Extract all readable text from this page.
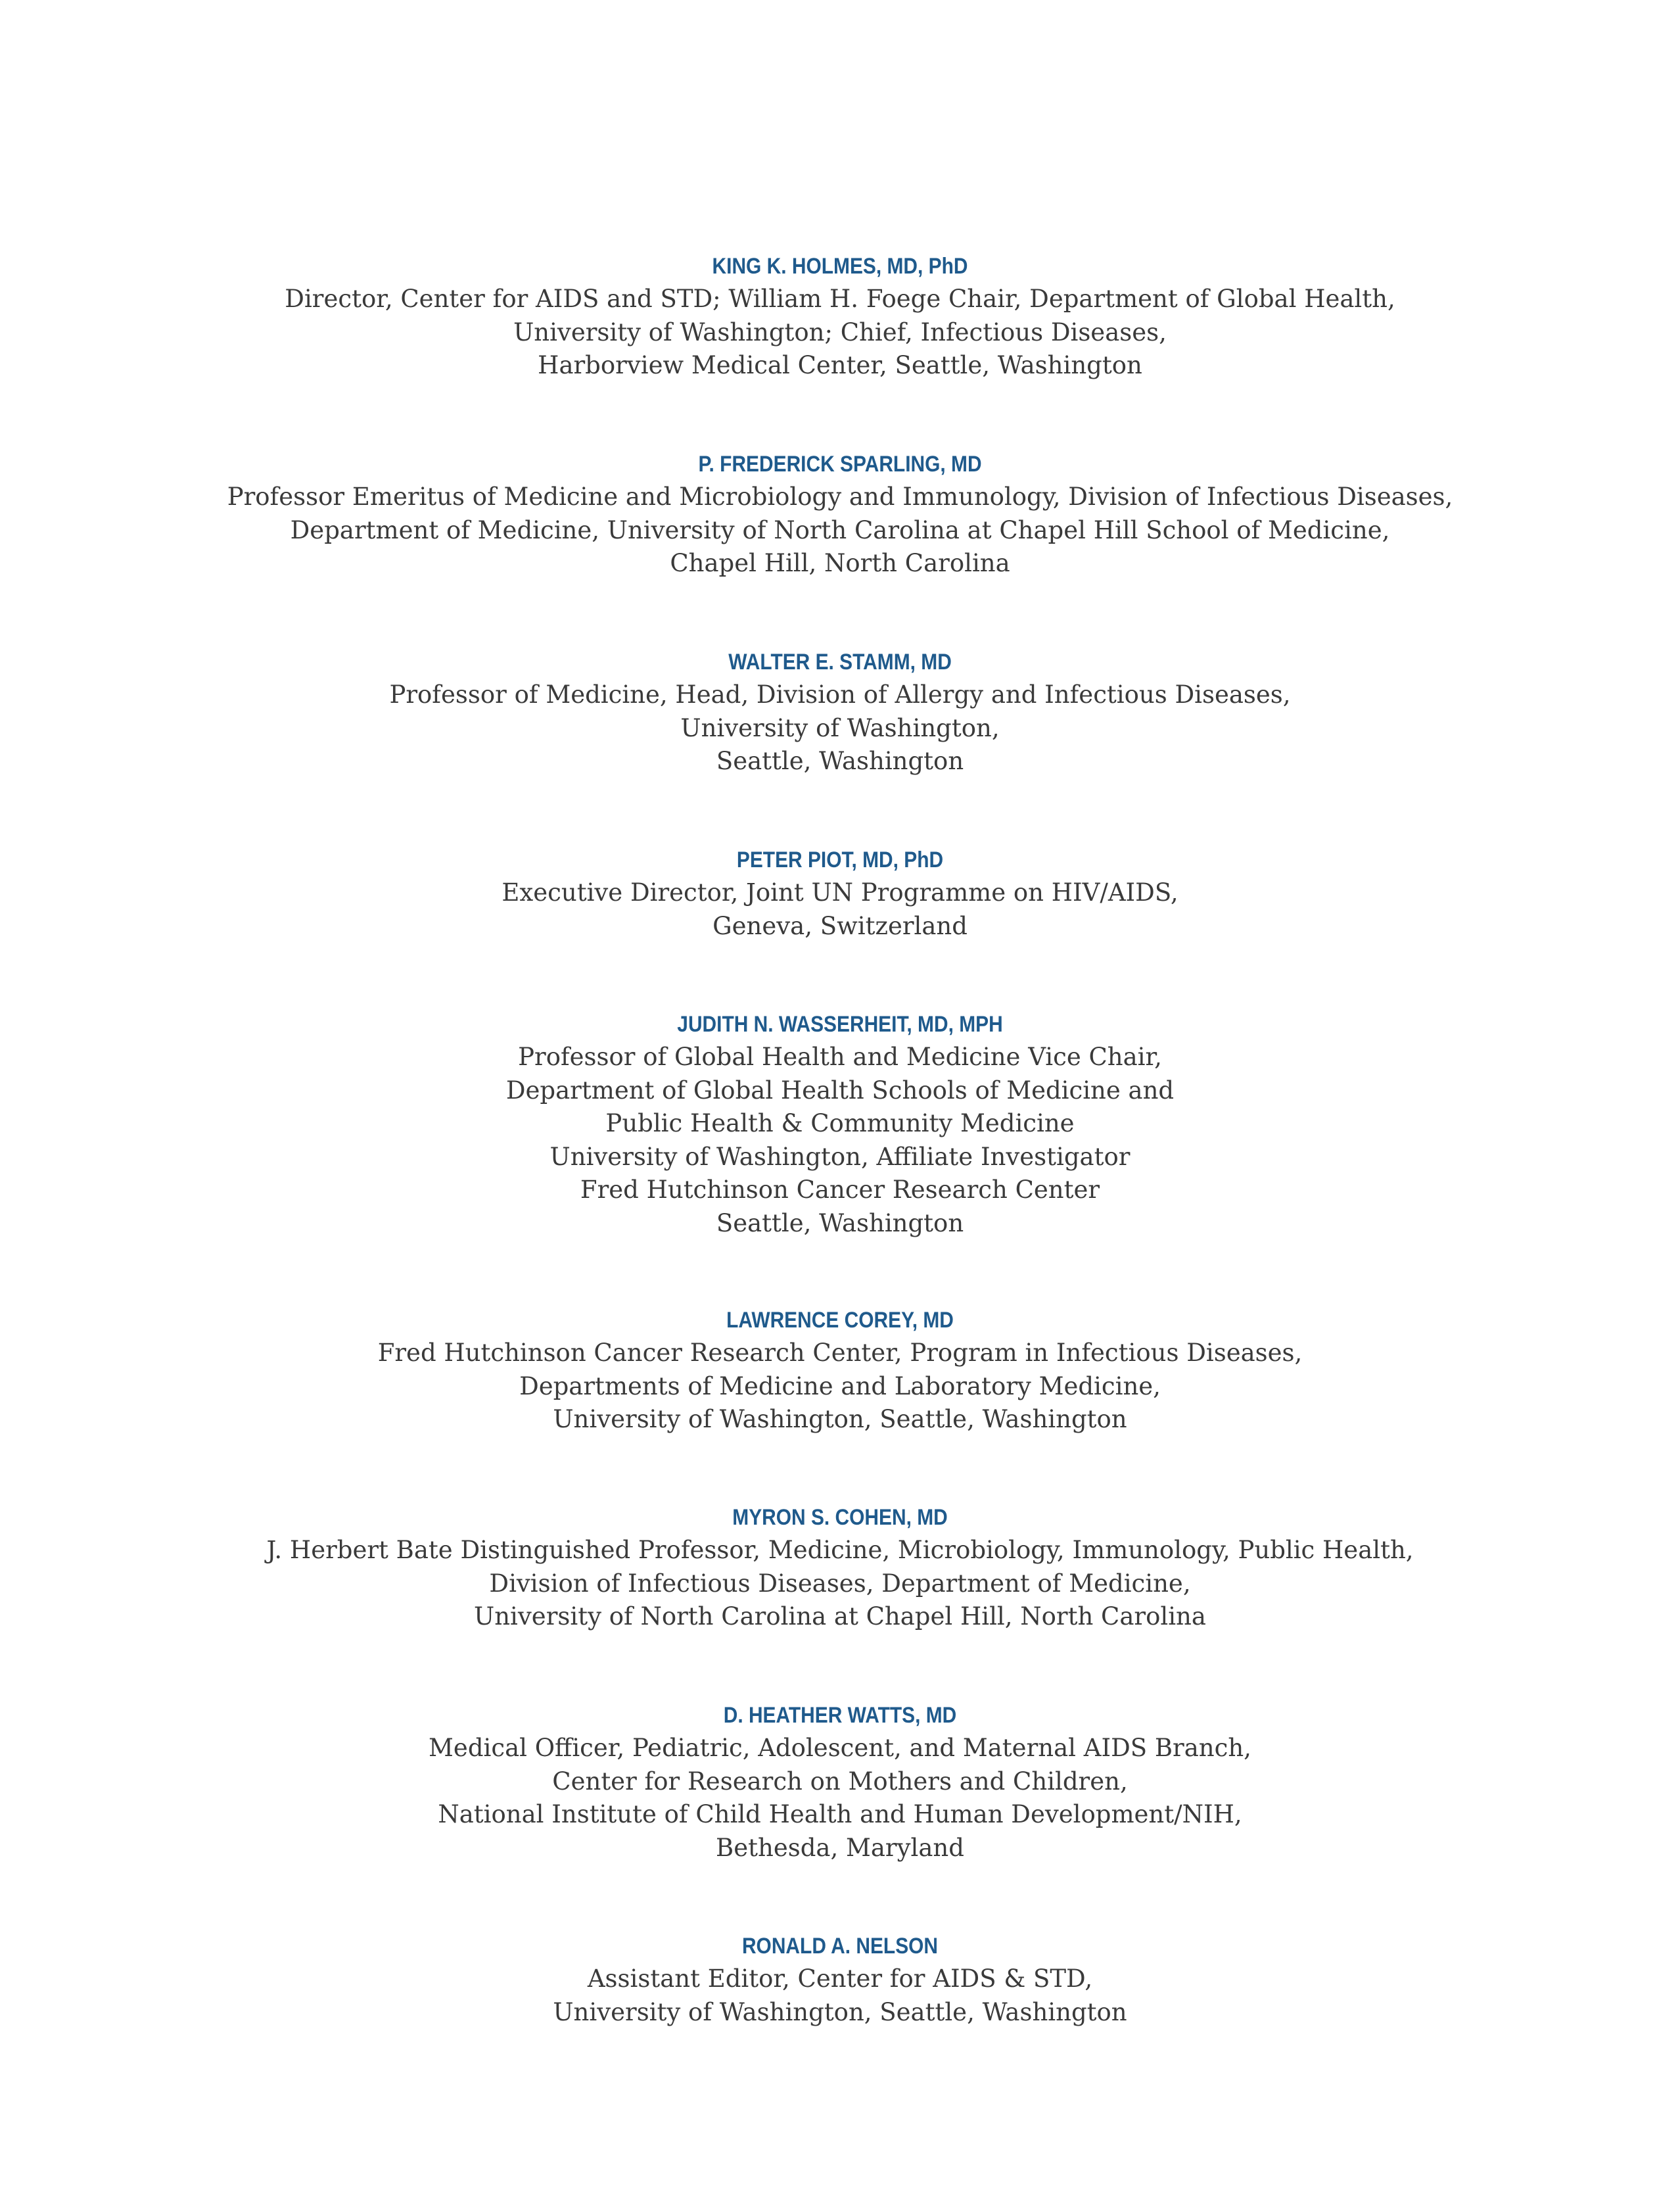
KING K. HOLMES, MD, PhD

Director, Center for AIDS and STD; William H. Foege Chair, Department of Global Health,

University of Washington; Chief, Infectious Diseases,

Harborview Medical Center, Seattle, Washington

P. FREDERICK SPARLING, MD

Professor Emeritus of Medicine and Microbiology and Immunology, Division of Infectious Diseases,

Department of Medicine, University of North Carolina at Chapel Hill School of Medicine,

Chapel Hill, North Carolina

WALTER E. STAMM, MD

Professor of Medicine, Head, Division of Allergy and Infectious Diseases,

University of Washington,

Seattle, Washington

PETER PIOT, MD, PhD

Executive Director, Joint UN Programme on HIV/AIDS,

Geneva, Switzerland

JUDITH N. WASSERHEIT, MD, MPH

Professor of Global Health and Medicine Vice Chair,

Department of Global Health Schools of Medicine and

Public Health & Community Medicine

University of Washington, Affiliate Investigator

Fred Hutchinson Cancer Research Center

Seattle, Washington

LAWRENCE COREY, MD

Fred Hutchinson Cancer Research Center, Program in Infectious Diseases,

Departments of Medicine and Laboratory Medicine,

University of Washington, Seattle, Washington

MYRON S. COHEN, MD

J. Herbert Bate Distinguished Professor, Medicine, Microbiology, Immunology, Public Health,

Division of Infectious Diseases, Department of Medicine,

University of North Carolina at Chapel Hill, North Carolina

D. HEATHER WATTS, MD

Medical Officer, Pediatric, Adolescent, and Maternal AIDS Branch,

Center for Research on Mothers and Children,

National Institute of Child Health and Human Development/NIH,

Bethesda, Maryland

RONALD A. NELSON

Assistant Editor, Center for AIDS & STD,

University of Washington, Seattle, Washington
